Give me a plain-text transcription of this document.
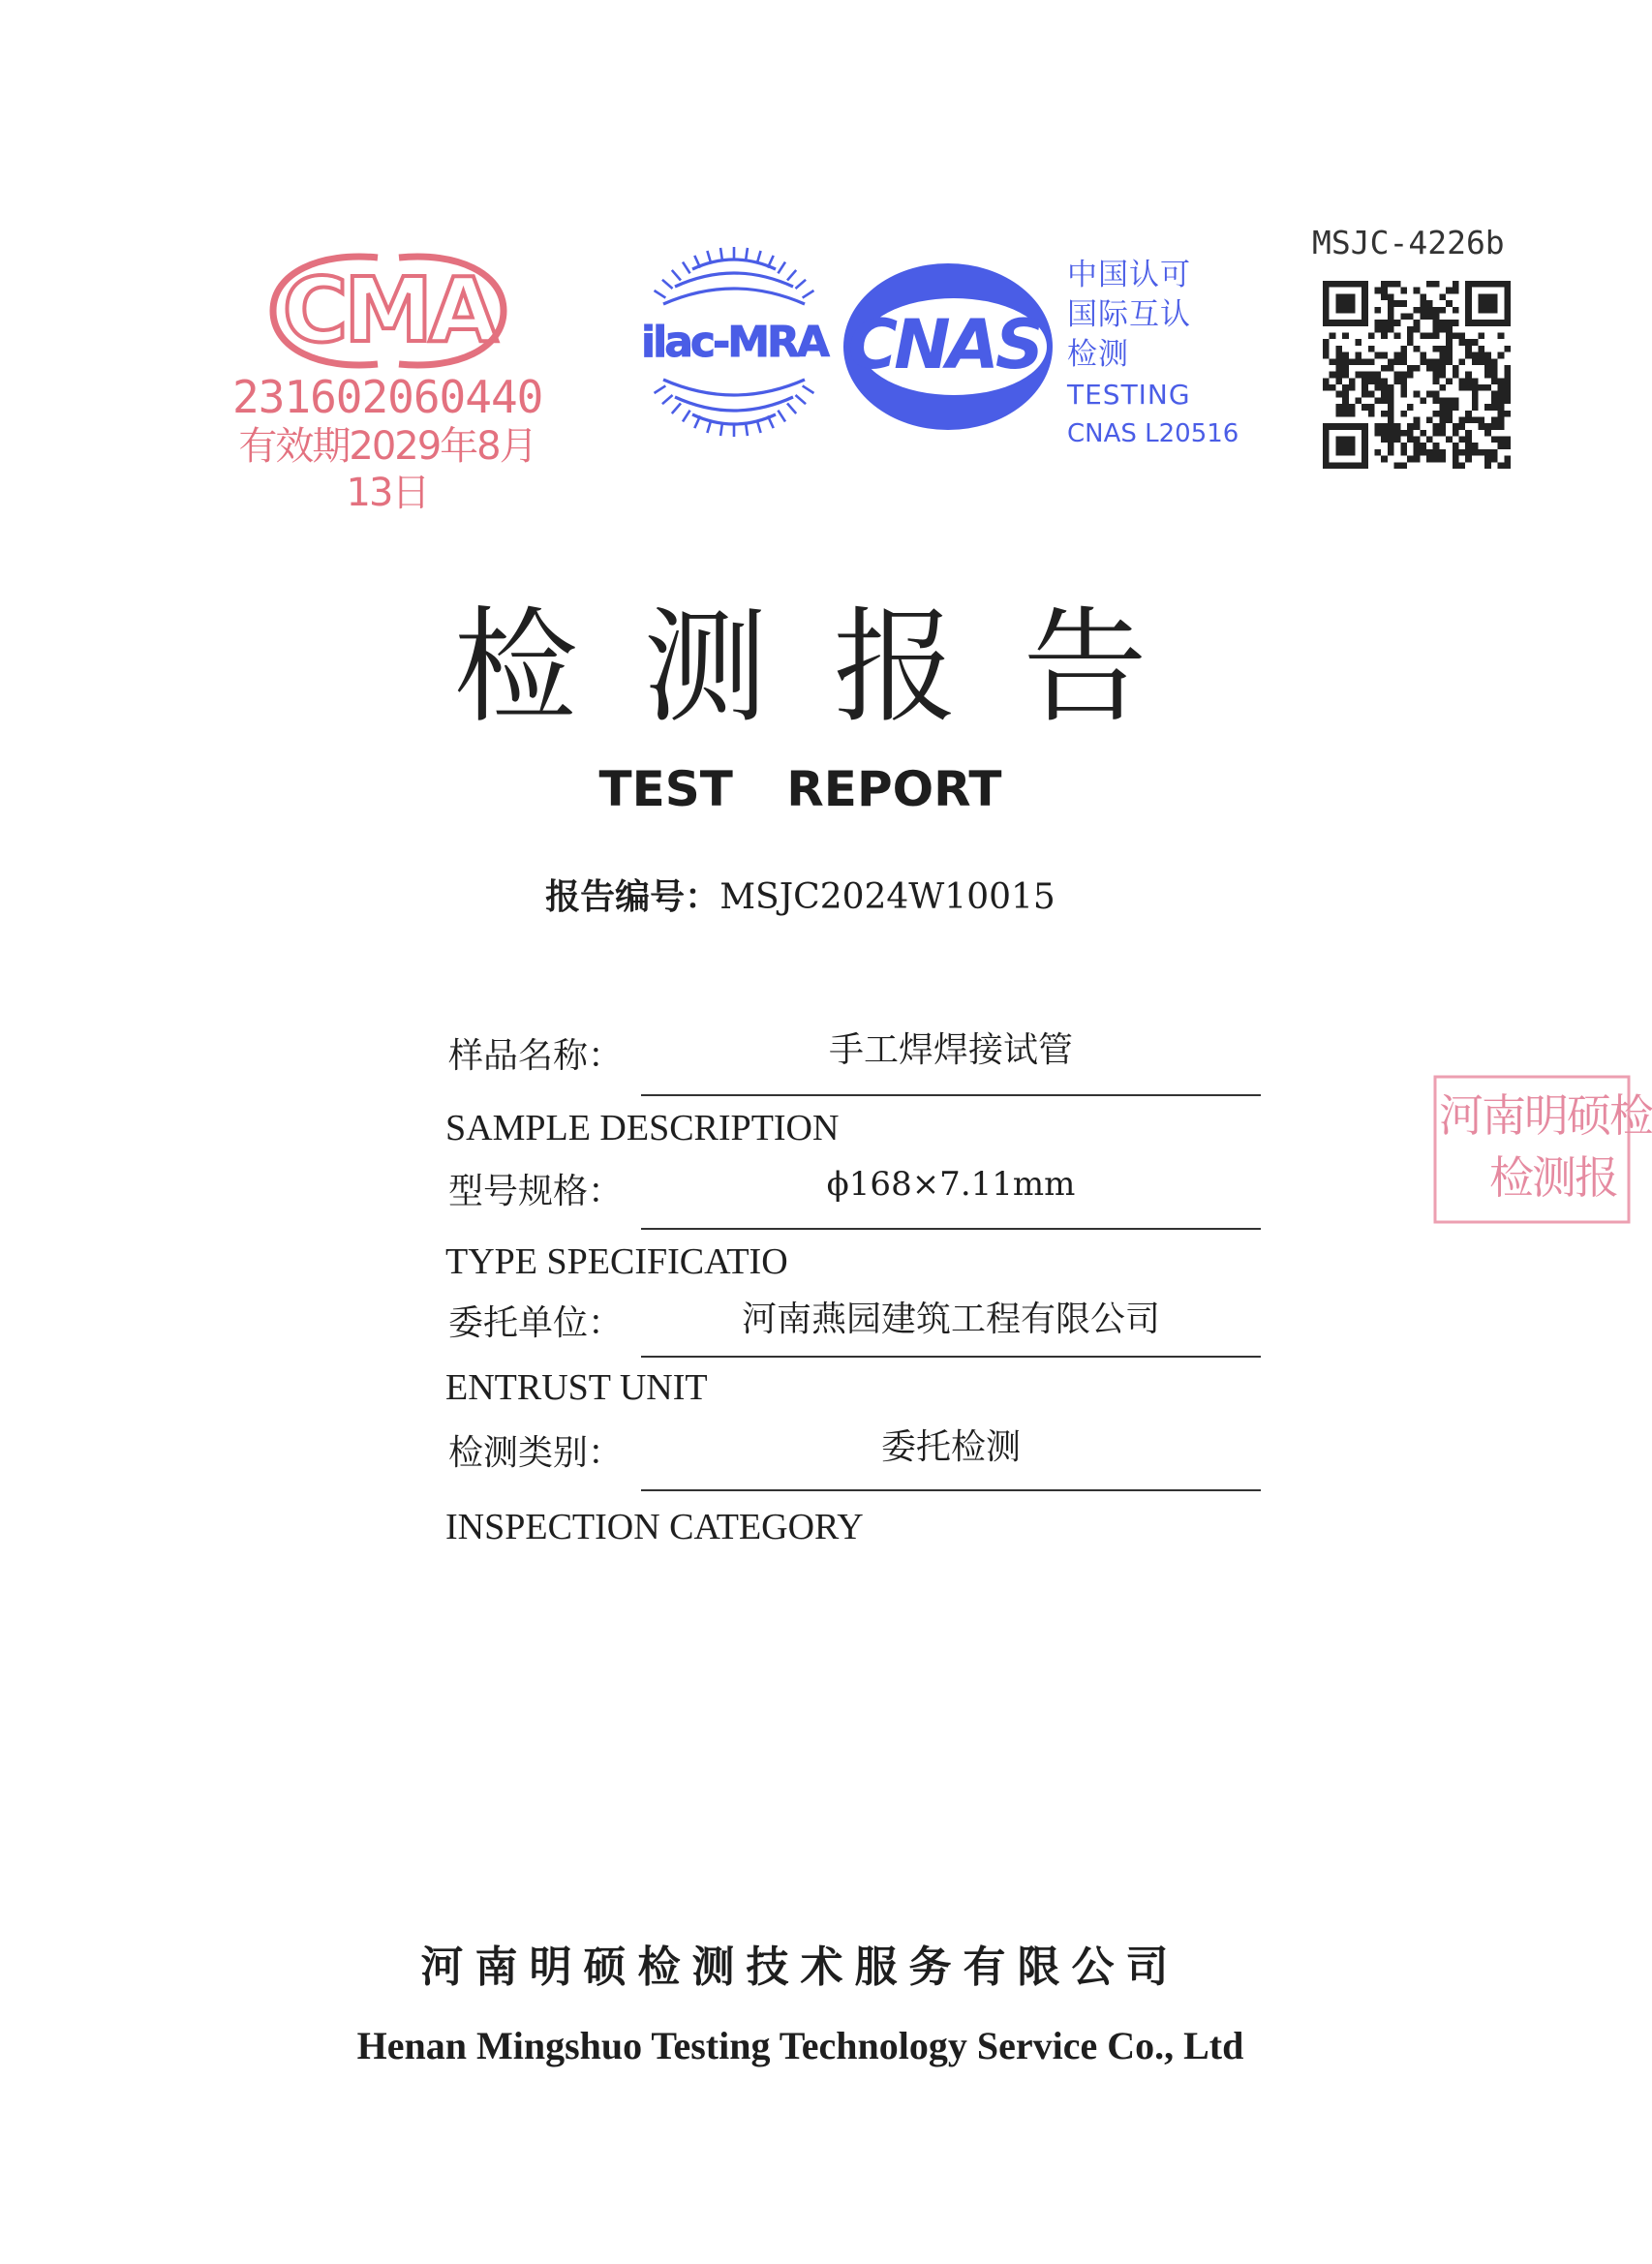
CMA
231602060440
有效期2029年8月13日
ilac-MRA CNAS
中国认可
国际互认
检测
TESTING
CNAS L20516
MSJC-4226b
检测报告
TEST REPORT
报告编号：MSJC2024W10015
样品名称：	手工焊焊接试管
SAMPLE DESCRIPTION
型号规格：	ϕ168×7.11mm
TYPE SPECIFICATIO
委托单位：	河南燕园建筑工程有限公司
ENTRUST UNIT
检测类别：	委托检测
INSPECTION CATEGORY
河南明硕检
检测报
河南明硕检测技术服务有限公司
Henan Mingshuo Testing Technology Service Co., Ltd
